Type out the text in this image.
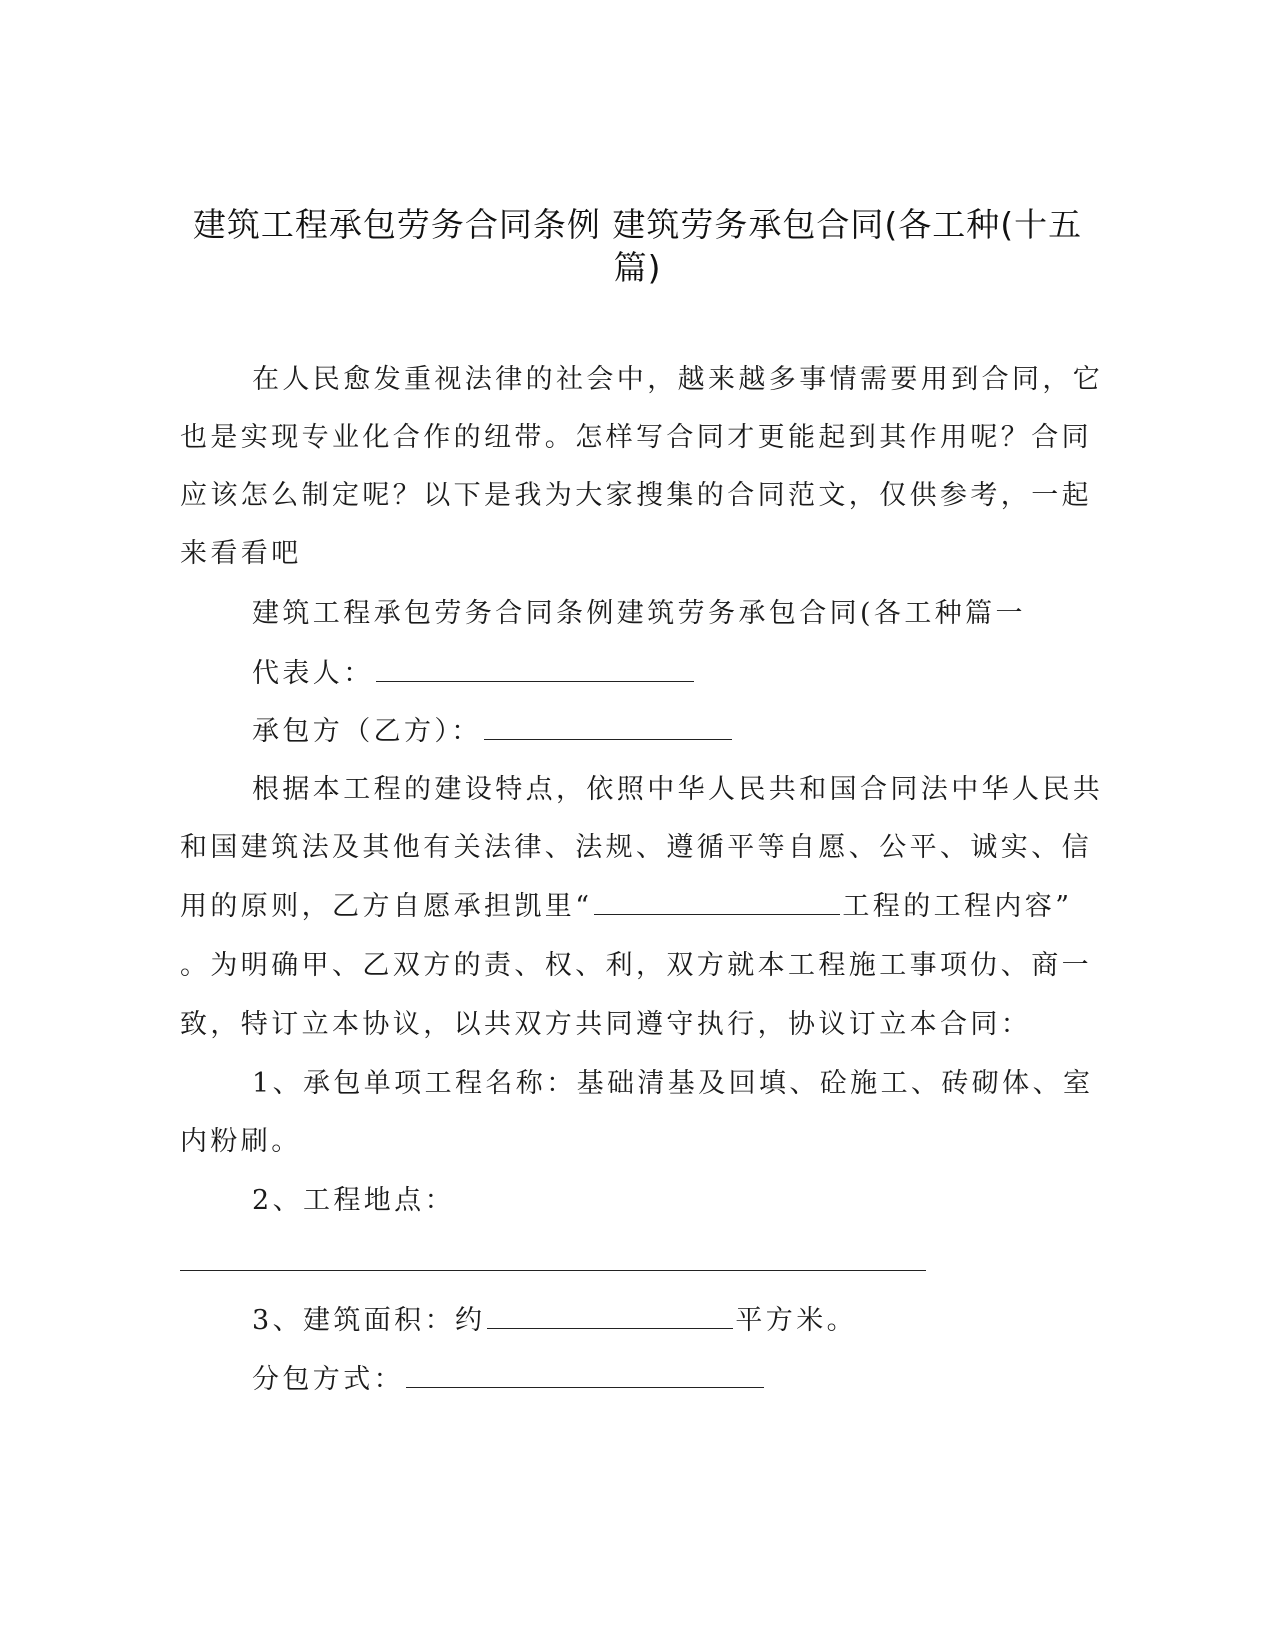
建筑工程承包劳务合同条例 建筑劳务承包合同(各工种(十五
篇)
在人民愈发重视法律的社会中，越来越多事情需要用到合同，它
也是实现专业化合作的纽带。怎样写合同才更能起到其作用呢？合同
应该怎么制定呢？以下是我为大家搜集的合同范文，仅供参考，一起
来看看吧
建筑工程承包劳务合同条例建筑劳务承包合同(各工种篇一
代表人：
承包方（乙方）：
根据本工程的建设特点，依照中华人民共和国合同法中华人民共
和国建筑法及其他有关法律、法规、遵循平等自愿、公平、诚实、信
用的原则，乙方自愿承担凯里“	工程的工程内容”
。为明确甲、乙双方的责、权、利，双方就本工程施工事项仂、商一
致，特订立本协议，以共双方共同遵守执行，协议订立本合同：
1、承包单项工程名称：基础清基及回填、砼施工、砖砌体、室
内粉刷。
2、工程地点：
3、建筑面积：约	平方米。
分包方式：
